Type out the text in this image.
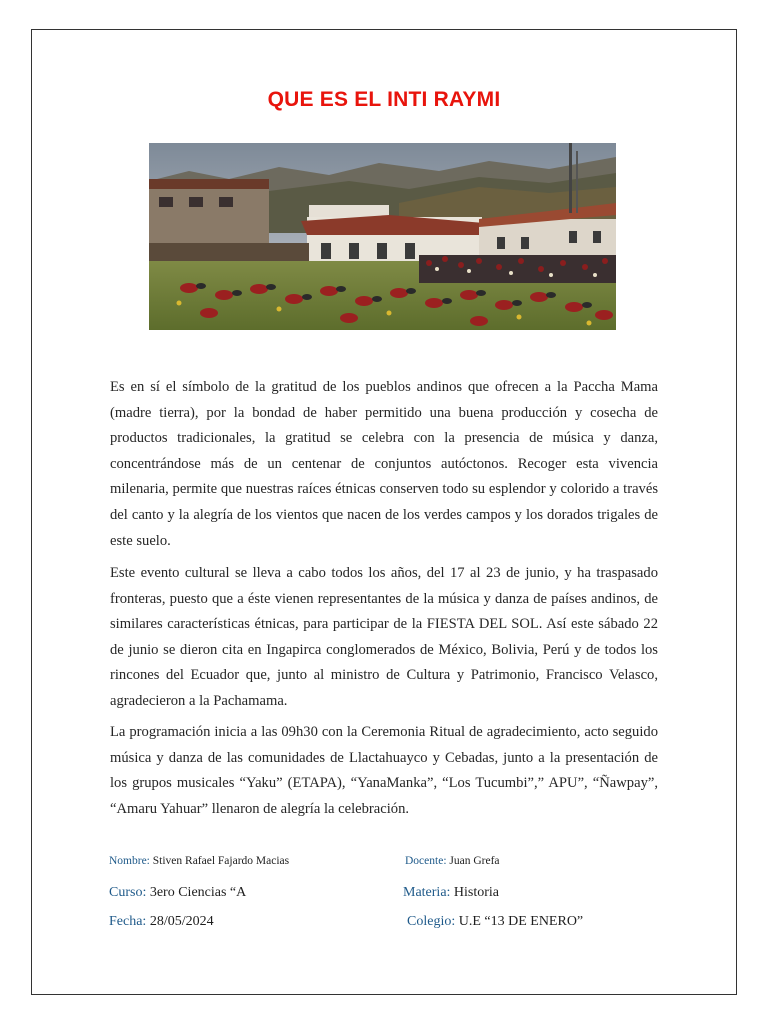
QUE ES EL INTI RAYMI

Es en sí el símbolo de la gratitud de los pueblos andinos que ofrecen a la Paccha Mama (madre tierra), por la bondad de haber permitido una buena producción y cosecha de productos tradicionales, la gratitud se celebra con la presencia de música y danza, concentrándose más de un centenar de conjuntos autóctonos. Recoger esta vivencia milenaria, permite que nuestras raíces étnicas conserven todo su esplendor y colorido a través del canto y la alegría de los vientos que nacen de los verdes campos y los dorados trigales de este suelo.

Este evento cultural se lleva a cabo todos los años, del 17 al 23 de junio, y ha traspasado fronteras, puesto que a éste vienen representantes de la música y danza de países andinos, de similares características étnicas, para participar de la FIESTA DEL SOL. Así este sábado 22 de junio se dieron cita en Ingapirca conglomerados de México, Bolivia, Perú y de todos los rincones del Ecuador que, junto al ministro de Cultura y Patrimonio, Francisco Velasco, agradecieron a la Pachamama.

La programación inicia a las 09h30 con la Ceremonia Ritual de agradecimiento, acto seguido música y danza de las comunidades de Llactahuayco y Cebadas, junto a la presentación de los grupos musicales “Yaku” (ETAPA), “YanaManka”, “Los Tucumbi”,” APU”, “Ñawpay”, “Amaru Yahuar” llenaron de alegría la celebración.

Nombre: Stiven Rafael Fajardo Macias	Docente: Juan Grefa
Curso: 3ero Ciencias “A	Materia: Historia
Fecha: 28/05/2024	Colegio: U.E “13 DE ENERO”
